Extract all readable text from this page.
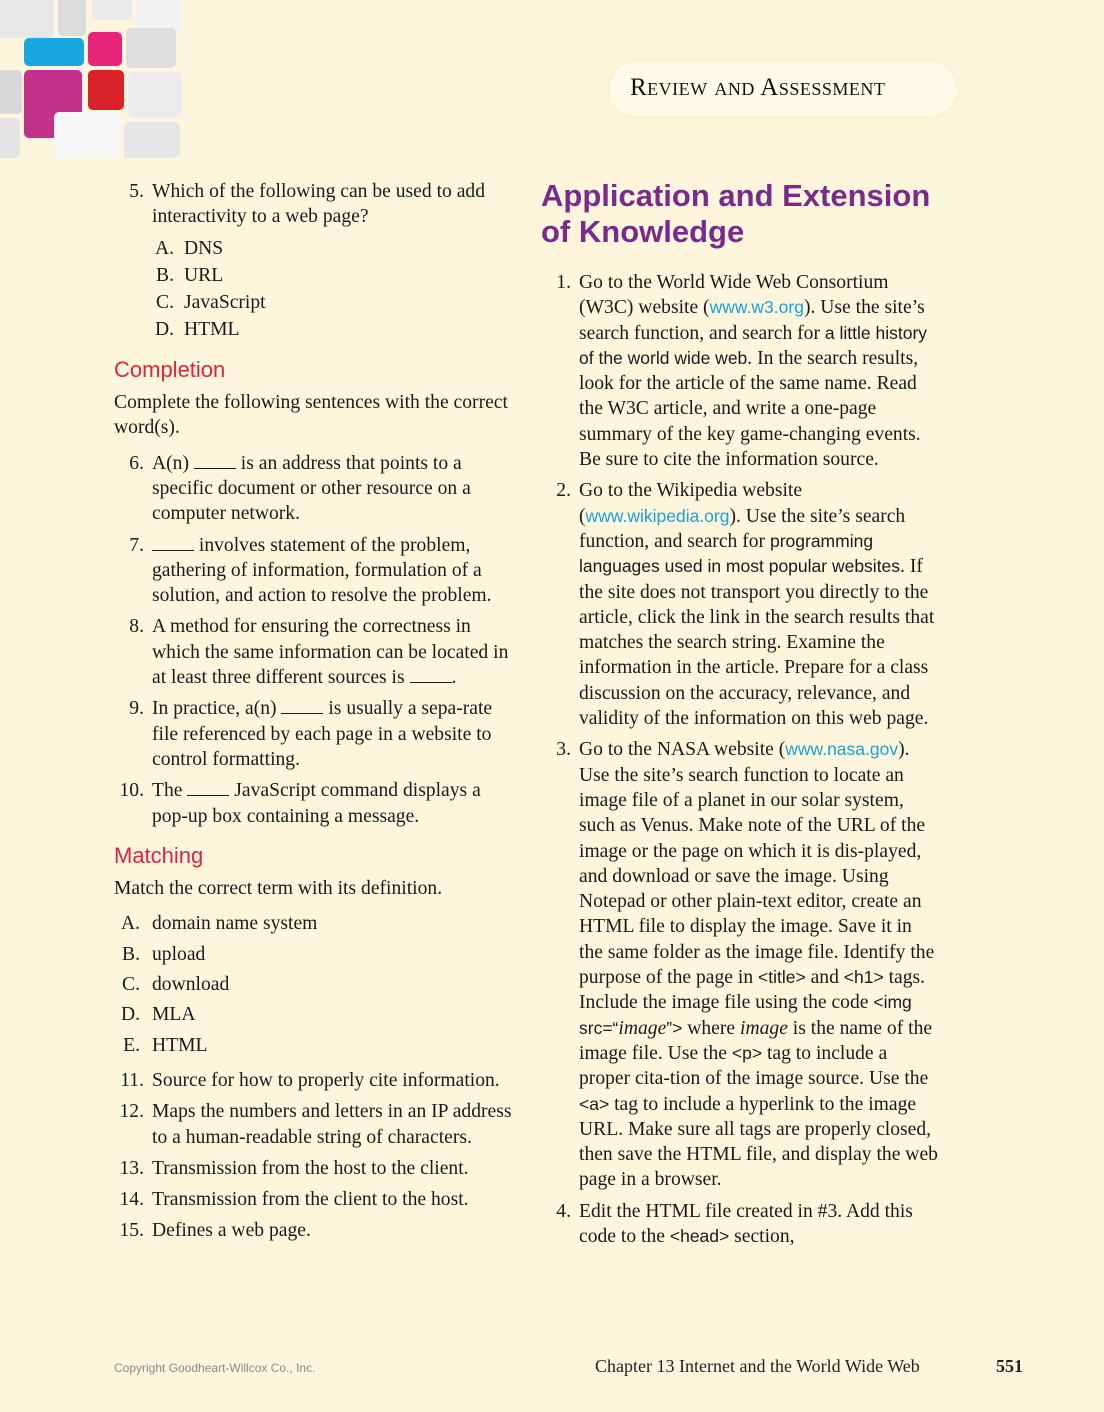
Review and Assessment
5. Which of the following can be used to add interactivity to a web page?
A. DNS
B. URL
C. JavaScript
D. HTML
Completion
Complete the following sentences with the correct word(s).
6. A(n)  is an address that points to a specific document or other resource on a computer network.
7.	involves statement of the problem, gathering of information, formulation of a solution, and action to resolve the problem.
8. A method for ensuring the correctness in which the same information can be located in at least three different sources is .
9. In practice, a(n)  is usually a sepa-rate file referenced by each page in a website to control formatting.
10. The  JavaScript command displays a pop-up box containing a message.
Matching
Match the correct term with its definition.
A. domain name system
B. upload
C. download
D. MLA
E. HTML
11. Source for how to properly cite information.
12. Maps the numbers and letters in an IP address to a human-readable string of characters.
13. Transmission from the host to the client.
14. Transmission from the client to the host.
15. Defines a web page.
Application and Extension of Knowledge
1. Go to the World Wide Web Consortium (W3C) website (www.w3.org). Use the site’s search function, and search for a little history of the world wide web. In the search results, look for the article of the same name. Read the W3C article, and write a one-page summary of the key game-changing events. Be sure to cite the information source.
2. Go to the Wikipedia website (www.wikipedia.org). Use the site’s search function, and search for programming languages used in most popular websites. If the site does not transport you directly to the article, click the link in the search results that matches the search string. Examine the information in the article. Prepare for a class discussion on the accuracy, relevance, and validity of the information on this web page.
3. Go to the NASA website (www.nasa.gov). Use the site’s search function to locate an image file of a planet in our solar system, such as Venus. Make note of the URL of the image or the page on which it is dis-played, and download or save the image. Using Notepad or other plain-text editor, create an HTML file to display the image. Save it in the same folder as the image file. Identify the purpose of the page in <title> and <h1> tags. Include the image file using the code <img src=“image”> where image is the name of the image file. Use the <p> tag to include a proper cita-tion of the image source. Use the <a> tag to include a hyperlink to the image URL. Make sure all tags are properly closed, then save the HTML file, and display the web page in a browser.
4. Edit the HTML file created in #3. Add this code to the <head> section,
Copyright Goodheart-Willcox Co., Inc.	Chapter 13 Internet and the World Wide Web	551
